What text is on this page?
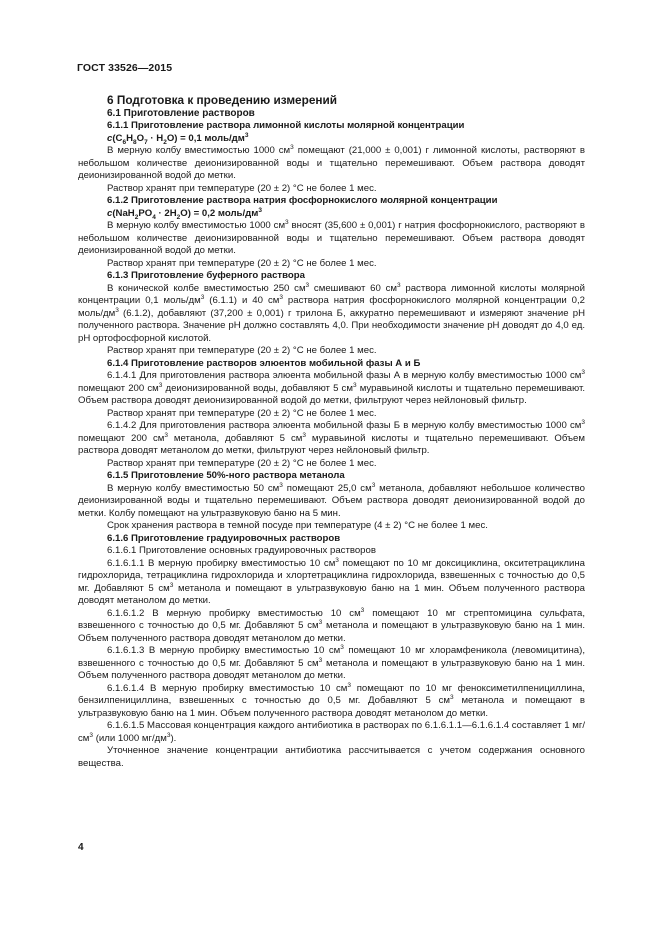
ГОСТ 33526—2015

6 Подготовка к проведению измерений

6.1 Приготовление растворов

6.1.1 Приготовление раствора лимонной кислоты молярной концентрации

$c(C_6H_8O_7 \cdot H_2O) = 0,1$ моль/$дм^3$

В мерную колбу вместимостью 1000 $см^3$ помещают (21,000 ± 0,001) г лимонной кислоты, растворяют в небольшом количестве деионизированной воды и тщательно перемешивают. Объем раствора доводят деионизированной водой до метки.

Раствор хранят при температуре (20 ± 2) °С не более 1 мес.

6.1.2 Приготовление раствора натрия фосфорнокислого молярной концентрации

$c(NaH_2PO_4 \cdot 2H_2O) = 0,2$ моль/$дм^3$

В мерную колбу вместимостью 1000 $см^3$ вносят (35,600 ± 0,001) г натрия фосфорнокислого, растворяют в небольшом количестве деионизированной воды и тщательно перемешивают. Объем раствора доводят деионизированной водой до метки.

Раствор хранят при температуре (20 ± 2) °С не более 1 мес.

6.1.3 Приготовление буферного раствора

В конической колбе вместимостью 250 $см^3$ смешивают 60 $см^3$ раствора лимонной кислоты молярной концентрации 0,1 моль/$дм^3$ (6.1.1) и 40 $см^3$ раствора натрия фосфорнокислого молярной концентрации 0,2 моль/$дм^3$ (6.1.2), добавляют (37,200 ± 0,001) г трилона Б, аккуратно перемешивают и измеряют значение pH полученного раствора. Значение pH должно составлять 4,0. При необходимости значение pH доводят до 4,0 ед. pH ортофосфорной кислотой.

Раствор хранят при температуре (20 ± 2) °С не более 1 мес.

6.1.4 Приготовление растворов элюентов мобильной фазы А и Б

6.1.4.1 Для приготовления раствора элюента мобильной фазы А в мерную колбу вместимостью 1000 $см^3$ помещают 200 $см^3$ деионизированной воды, добавляют 5 $см^3$ муравьиной кислоты и тщательно перемешивают. Объем раствора доводят деионизированной водой до метки, фильтруют через нейлоновый фильтр.

Раствор хранят при температуре (20 ± 2) °С не более 1 мес.

6.1.4.2 Для приготовления раствора элюента мобильной фазы Б в мерную колбу вместимостью 1000 $см^3$ помещают 200 $см^3$ метанола, добавляют 5 $см^3$ муравьиной кислоты и тщательно перемешивают. Объем раствора доводят метанолом до метки, фильтруют через нейлоновый фильтр.

Раствор хранят при температуре (20 ± 2) °С не более 1 мес.

6.1.5 Приготовление 50%-ного раствора метанола

В мерную колбу вместимостью 50 $см^3$ помещают 25,0 $см^3$ метанола, добавляют небольшое количество деионизированной воды и тщательно перемешивают. Объем раствора доводят деионизированной водой до метки. Колбу помещают на ультразвуковую баню на 5 мин.

Срок хранения раствора в темной посуде при температуре (4 ± 2) °С не более 1 мес.

6.1.6 Приготовление градуировочных растворов

6.1.6.1 Приготовление основных градуировочных растворов

6.1.6.1.1 В мерную пробирку вместимостью 10 $см^3$ помещают по 10 мг доксициклина, окситетрациклина гидрохлорида, тетрациклина гидрохлорида и хлортетрациклина гидрохлорида, взвешенных с точностью до 0,5 мг. Добавляют 5 $см^3$ метанола и помещают в ультразвуковую баню на 1 мин. Объем полученного раствора доводят метанолом до метки.

6.1.6.1.2 В мерную пробирку вместимостью 10 $см^3$ помещают 10 мг стрептомицина сульфата, взвешенного с точностью до 0,5 мг. Добавляют 5 $см^3$ метанола и помещают в ультразвуковую баню на 1 мин. Объем полученного раствора доводят метанолом до метки.

6.1.6.1.3 В мерную пробирку вместимостью 10 $см^3$ помещают 10 мг хлорамфеникола (левомицитина), взвешенного с точностью до 0,5 мг. Добавляют 5 $см^3$ метанола и помещают в ультразвуковую баню на 1 мин. Объем полученного раствора доводят метанолом до метки.

6.1.6.1.4 В мерную пробирку вместимостью 10 $см^3$ помещают по 10 мг феноксиметилпенициллина, бензилпенициллина, взвешенных с точностью до 0,5 мг. Добавляют 5 $см^3$ метанола и помещают в ультразвуковую баню на 1 мин. Объем полученного раствора доводят метанолом до метки.

6.1.6.1.5 Массовая концентрация каждого антибиотика в растворах по 6.1.6.1.1—6.1.6.1.4 составляет 1 $мг/см^3$ (или 1000 $мг/дм^3$).

Уточненное значение концентрации антибиотика рассчитывается с учетом содержания основного вещества.

4
